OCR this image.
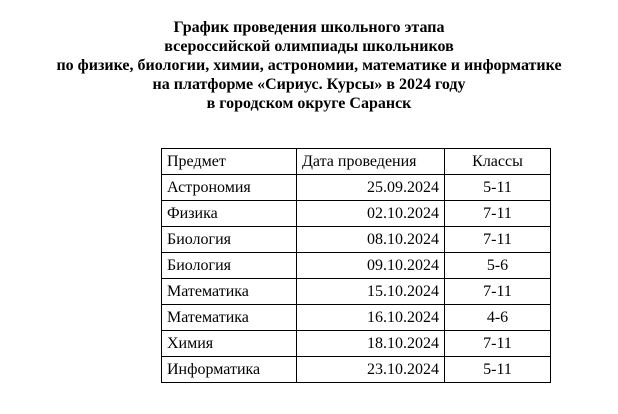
График проведения школьного этапа
всероссийской олимпиады школьников
по физике, биологии, химии, астрономии, математике и информатике
на платформе «Сириус. Курсы» в 2024 году
в городском округе Саранск
Предмет	Дата проведения	Классы
Астрономия	25.09.2024	5-11
Физика	02.10.2024	7-11
Биология	08.10.2024	7-11
Биология	09.10.2024	5-6
Математика	15.10.2024	7-11
Математика	16.10.2024	4-6
Химия	18.10.2024	7-11
Информатика	23.10.2024	5-11
